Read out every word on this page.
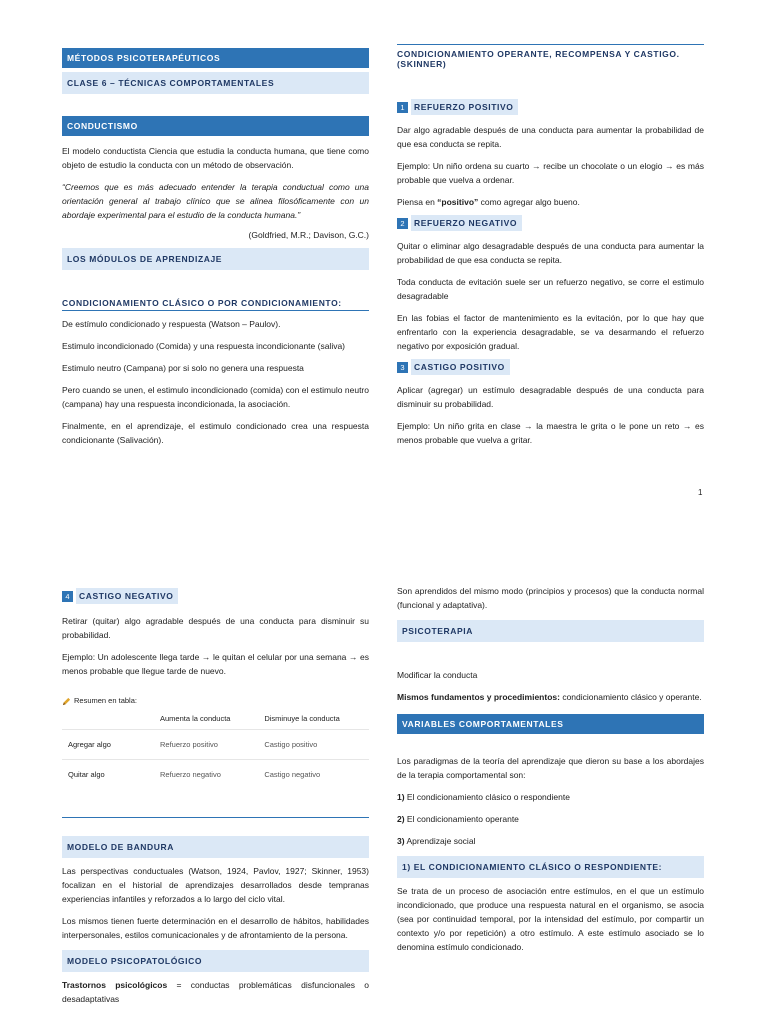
MÉTODOS PSICOTERAPÉUTICOS
CLASE 6 – TÉCNICAS COMPORTAMENTALES
CONDUCTISMO

El modelo conductista Ciencia que estudia la conducta humana, que tiene como objeto de estudio la conducta con un método de observación.

“Creemos que es más adecuado entender la terapia conductual como una orientación general al trabajo clínico que se alinea filosóficamente con un abordaje experimental para el estudio de la conducta humana.”

(Goldfried, M.R.; Davison, G.C.)

LOS MÓDULOS DE APRENDIZAJE
CONDICIONAMIENTO CLÁSICO O POR CONDICIONAMIENTO:

De estímulo condicionado y respuesta (Watson – Paulov).

Estimulo incondicionado (Comida) y una respuesta incondicionante (saliva)

Estimulo neutro (Campana) por si solo no genera una respuesta

Pero cuando se unen, el estimulo incondicionado (comida) con el estimulo neutro (campana) hay una respuesta incondicionada, la asociación.

Finalmente, en el aprendizaje, el estimulo condicionado crea una respuesta condicionante (Salivación).

CONDICIONAMIENTO OPERANTE, RECOMPENSA Y CASTIGO. (SKINNER)
1 REFUERZO POSITIVO

Dar algo agradable después de una conducta para aumentar la probabilidad de que esa conducta se repita.

Ejemplo: Un niño ordena su cuarto → recibe un chocolate o un elogio → es más probable que vuelva a ordenar.

Piensa en “positivo” como agregar algo bueno.

2 REFUERZO NEGATIVO

Quitar o eliminar algo desagradable después de una conducta para aumentar la probabilidad de que esa conducta se repita.

Toda conducta de evitación suele ser un refuerzo negativo, se corre el estimulo desagradable

En las fobias el factor de mantenimiento es la evitación, por lo que hay que enfrentarlo con la experiencia desagradable, se va desarmando el refuerzo negativo por exposición gradual.

3 CASTIGO POSITIVO

Aplicar (agregar) un estímulo desagradable después de una conducta para disminuir su probabilidad.

Ejemplo: Un niño grita en clase → la maestra le grita o le pone un reto → es menos probable que vuelva a gritar.

1
4 CASTIGO NEGATIVO

Retirar (quitar) algo agradable después de una conducta para disminuir su probabilidad.

Ejemplo: Un adolescente llega tarde → le quitan el celular por una semana → es menos probable que llegue tarde de nuevo.

Resumen en tabla:
	Aumenta la conducta	Disminuye la conducta
Agregar algo	Refuerzo positivo	Castigo positivo
Quitar algo	Refuerzo negativo	Castigo negativo
MODELO DE BANDURA

Las perspectivas conductuales (Watson, 1924, Pavlov, 1927; Skinner, 1953) focalizan en el historial de aprendizajes desarrollados desde tempranas experiencias infantiles y reforzados a lo largo del ciclo vital.

Los mismos tienen fuerte determinación en el desarrollo de hábitos, habilidades interpersonales, estilos comunicacionales y de afrontamiento de la persona.

MODELO PSICOPATOLÓGICO

Trastornos psicológicos = conductas problemáticas disfuncionales o desadaptativas

Son aprendidos del mismo modo (principios y procesos) que la conducta normal (funcional y adaptativa).

PSICOTERAPIA

Modificar la conducta

Mismos fundamentos y procedimientos: condicionamiento clásico y operante.

VARIABLES COMPORTAMENTALES

Los paradigmas de la teoría del aprendizaje que dieron su base a los abordajes de la terapia comportamental son:

1) El condicionamiento clásico o respondiente

2) El condicionamiento operante

3) Aprendizaje social

1) EL CONDICIONAMIENTO CLÁSICO O RESPONDIENTE:

Se trata de un proceso de asociación entre estímulos, en el que un estímulo incondicionado, que produce una respuesta natural en el organismo, se asocia (sea por continuidad temporal, por la intensidad del estímulo, por compartir un contexto y/o por repetición) a otro estímulo. A este estímulo asociado se lo denomina estímulo condicionado.
